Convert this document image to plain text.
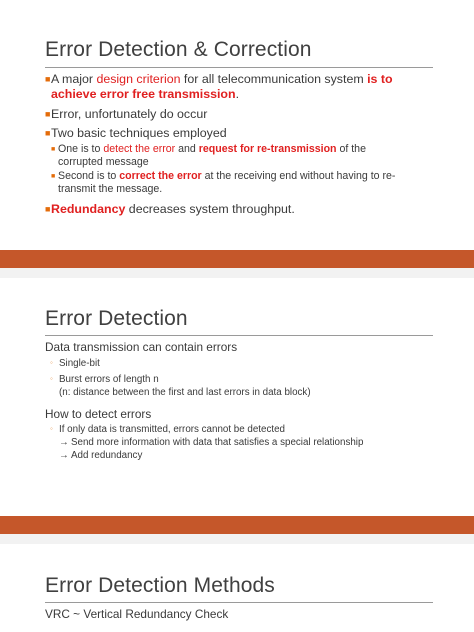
Error Detection & Correction
■A major design criterion for all telecommunication system is to
achieve error free transmission.
■Error, unfortunately do occur
■Two basic techniques employed
■ One is to detect the error and request for re-transmission of the
corrupted message
■ Second is to correct the error at the receiving end without having to re-
transmit the message.
■Redundancy decreases system throughput.
Error Detection
Data transmission can contain errors
◦ Single-bit
◦ Burst errors of length n
(n: distance between the first and last errors in data block)
How to detect errors
◦ If only data is transmitted, errors cannot be detected
→ Send more information with data that satisfies a special relationship
→ Add redundancy
Error Detection Methods
VRC ~ Vertical Redundancy Check
